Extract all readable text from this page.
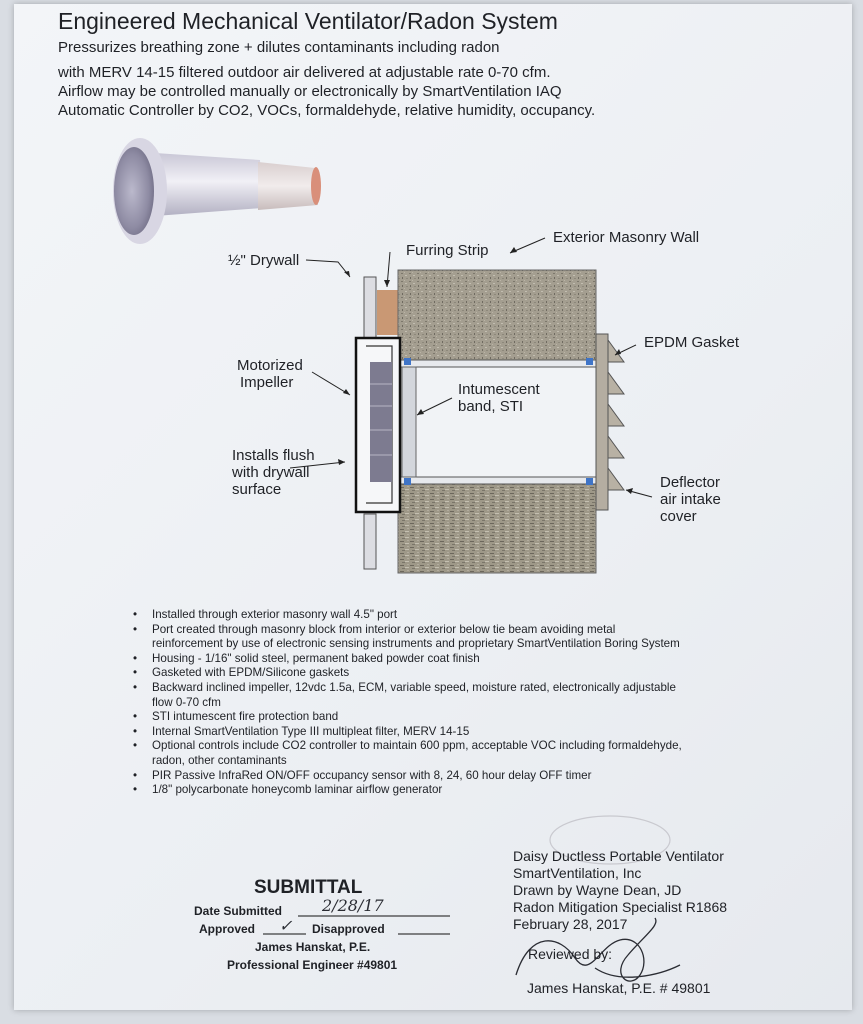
Engineered Mechanical Ventilator/Radon System
Pressurizes breathing zone + dilutes contaminants including radon
with MERV 14-15 filtered outdoor air delivered at adjustable rate 0-70 cfm.
Airflow may be controlled manually or electronically by SmartVentilation IAQ
Automatic Controller by CO2, VOCs, formaldehyde, relative humidity, occupancy.
½" Drywall
Furring Strip
Exterior Masonry Wall
EPDM Gasket
Motorized
Impeller	Intumescent
band, STI
Installs flush
with drywall
surface	Deflector
air intake
cover
• Installed through exterior masonry wall 4.5" port
• Port created through masonry block from interior or exterior below tie beam avoiding metal reinforcement by use of electronic sensing instruments and proprietary SmartVentilation Boring System
• Housing - 1/16" solid steel, permanent baked powder coat finish
• Gasketed with EPDM/Silicone gaskets
• Backward inclined impeller, 12vdc 1.5a, ECM, variable speed, moisture rated, electronically adjustable flow 0-70 cfm
• STI intumescent fire protection band
• Internal SmartVentilation Type III multipleat filter, MERV 14-15
• Optional controls include CO2 controller to maintain 600 ppm, acceptable VOC including formaldehyde, radon, other contaminants
• PIR Passive InfraRed ON/OFF occupancy sensor with 8, 24, 60 hour delay OFF timer
• 1/8" polycarbonate honeycomb laminar airflow generator
Daisy Ductless Portable Ventilator
SmartVentilation, Inc
Drawn by Wayne Dean, JD
Radon Mitigation Specialist R1868
February 28, 2017
SUBMITTAL
Date Submitted 2/28/17
Approved ✓ Disapproved
James Hanskat, P.E.
Professional Engineer #49801
Reviewed by:
James Hanskat, P.E. # 49801
